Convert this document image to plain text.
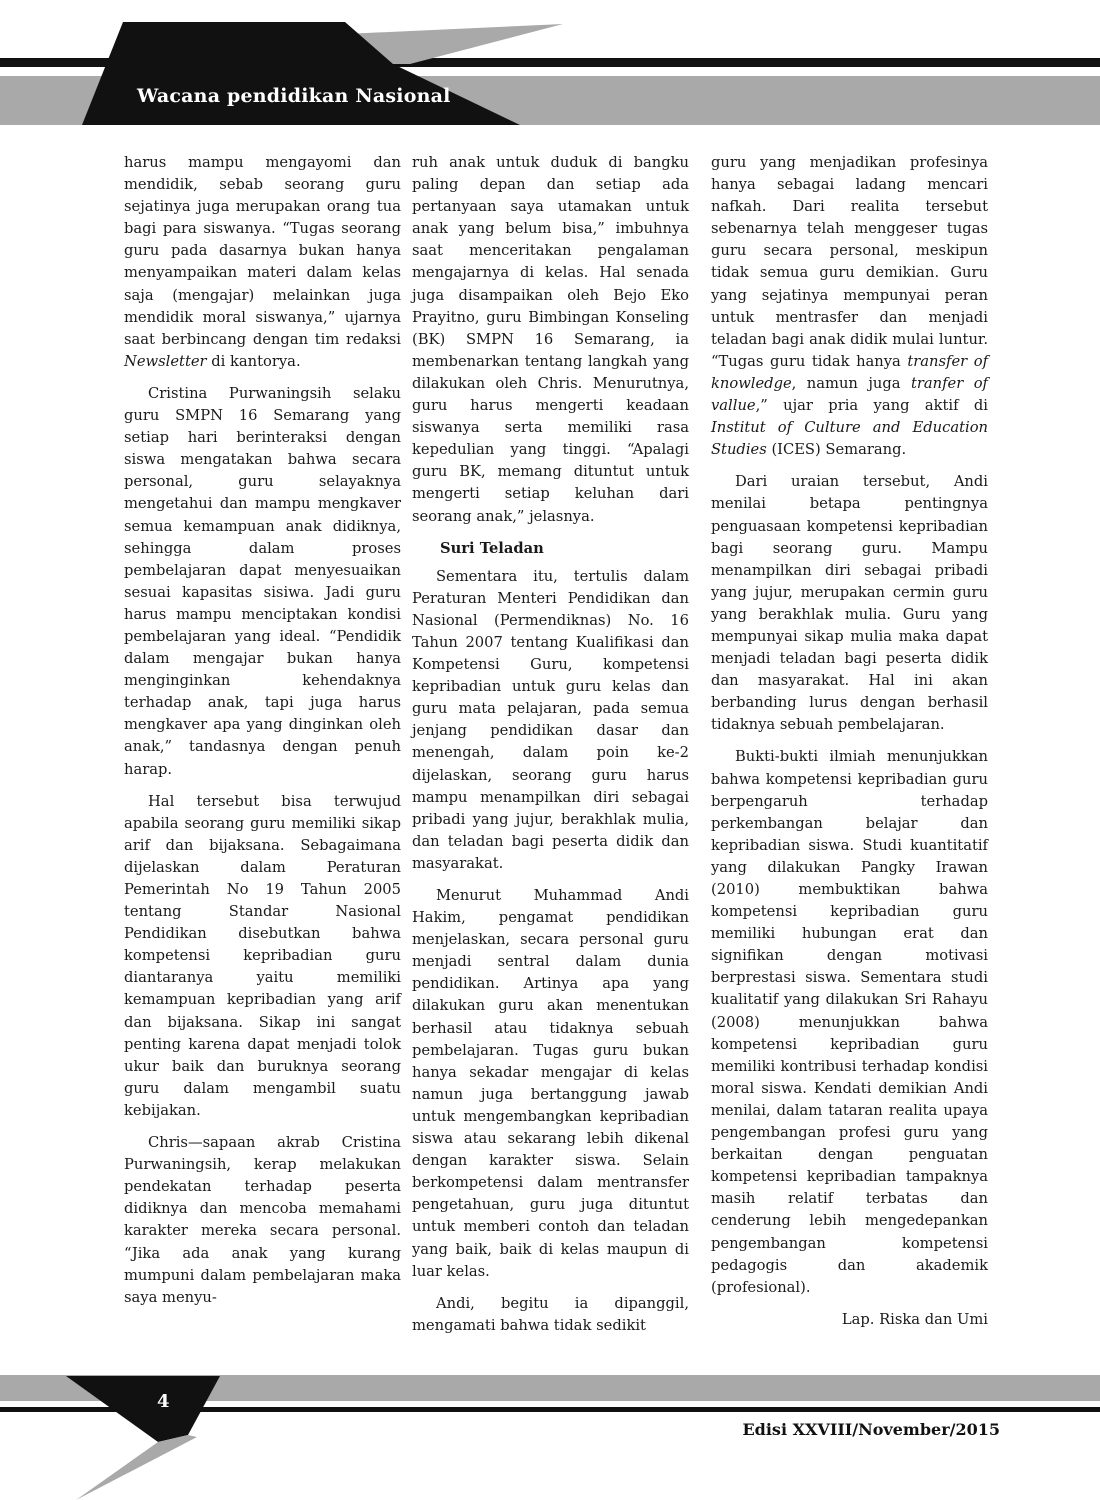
Wacana pendidikan Nasional

harus mampu mengayomi dan mendidik, sebab seorang guru sejatinya juga merupakan orang tua bagi para siswanya. “Tugas seorang guru pada dasarnya bukan hanya menyampaikan materi dalam kelas saja (mengajar) melainkan juga mendidik moral siswanya,” ujarnya saat berbincang dengan tim redaksi Newsletter di kantorya.

Cristina Purwaningsih selaku guru SMPN 16 Semarang yang setiap hari berinteraksi dengan siswa mengatakan bahwa secara personal, guru selayaknya mengetahui dan mampu mengkaver semua kemampuan anak didiknya, sehingga dalam proses pembelajaran dapat menyesuaikan sesuai kapasitas sisiwa. Jadi guru harus mampu menciptakan kondisi pembelajaran yang ideal. “Pendidik dalam mengajar bukan hanya menginginkan kehendaknya terhadap anak, tapi juga harus mengkaver apa yang dinginkan oleh anak,” tandasnya dengan penuh harap.

Hal tersebut bisa terwujud apabila seorang guru memiliki sikap arif dan bijaksana. Sebagaimana dijelaskan dalam Peraturan Pemerintah No 19 Tahun 2005 tentang Standar Nasional Pendidikan disebutkan bahwa kompetensi kepribadian guru diantaranya yaitu memiliki kemampuan kepribadian yang arif dan bijaksana. Sikap ini sangat penting karena dapat menjadi tolok ukur baik dan buruknya seorang guru dalam mengambil suatu kebijakan.

Chris—sapaan akrab Cristina Purwaningsih, kerap melakukan pendekatan terhadap peserta didiknya dan mencoba memahami karakter mereka secara personal. “Jika ada anak yang kurang mumpuni dalam pembelajaran maka saya menyu-

ruh anak untuk duduk di bangku paling depan dan setiap ada pertanyaan saya utamakan untuk anak yang belum bisa,” imbuhnya saat menceritakan pengalaman mengajarnya di kelas. Hal senada juga disampaikan oleh Bejo Eko Prayitno, guru Bimbingan Konseling (BK) SMPN 16 Semarang, ia membenarkan tentang langkah yang dilakukan oleh Chris. Menurutnya, guru harus mengerti keadaan siswanya serta memiliki rasa kepedulian yang tinggi. “Apalagi guru BK, memang dituntut untuk mengerti setiap keluhan dari seorang anak,” jelasnya.

Suri Teladan

Sementara itu, tertulis dalam Peraturan Menteri Pendidikan dan Nasional (Permendiknas) No. 16 Tahun 2007 tentang Kualifikasi dan Kompetensi Guru, kompetensi kepribadian untuk guru kelas dan guru mata pelajaran, pada semua jenjang pendidikan dasar dan menengah, dalam poin ke-2 dijelaskan, seorang guru harus mampu menampilkan diri sebagai pribadi yang jujur, berakhlak mulia, dan teladan bagi peserta didik dan masyarakat.

Menurut Muhammad Andi Hakim, pengamat pendidikan menjelaskan, secara personal guru menjadi sentral dalam dunia pendidikan. Artinya apa yang dilakukan guru akan menentukan berhasil atau tidaknya sebuah pembelajaran. Tugas guru bukan hanya sekadar mengajar di kelas namun juga bertanggung jawab untuk mengembangkan kepribadian siswa atau sekarang lebih dikenal dengan karakter siswa. Selain berkompetensi dalam mentransfer pengetahuan, guru juga dituntut untuk memberi contoh dan teladan yang baik, baik di kelas maupun di luar kelas.

Andi, begitu ia dipanggil, mengamati bahwa tidak sedikit

guru yang menjadikan profesinya hanya sebagai ladang mencari nafkah. Dari realita tersebut sebenarnya telah menggeser tugas guru secara personal, meskipun tidak semua guru demikian. Guru yang sejatinya mempunyai peran untuk mentrasfer dan menjadi teladan bagi anak didik mulai luntur. “Tugas guru tidak hanya transfer of knowledge, namun juga tranfer of vallue,” ujar pria yang aktif di Institut of Culture and Education Studies (ICES) Semarang.

Dari uraian tersebut, Andi menilai betapa pentingnya penguasaan kompetensi kepribadian bagi seorang guru. Mampu menampilkan diri sebagai pribadi yang jujur, merupakan cermin guru yang berakhlak mulia. Guru yang mempunyai sikap mulia maka dapat menjadi teladan bagi peserta didik dan masyarakat. Hal ini akan berbanding lurus dengan berhasil tidaknya sebuah pembelajaran.

Bukti-bukti ilmiah menunjukkan bahwa kompetensi kepribadian guru berpengaruh terhadap perkembangan belajar dan kepribadian siswa. Studi kuantitatif yang dilakukan Pangky Irawan (2010) membuktikan bahwa kompetensi kepribadian guru memiliki hubungan erat dan signifikan dengan motivasi berprestasi siswa. Sementara studi kualitatif yang dilakukan Sri Rahayu (2008) menunjukkan bahwa kompetensi kepribadian guru memiliki kontribusi terhadap kondisi moral siswa. Kendati demikian Andi menilai, dalam tataran realita upaya pengembangan profesi guru yang berkaitan dengan penguatan kompetensi kepribadian tampaknya masih relatif terbatas dan cenderung lebih mengedepankan pengembangan kompetensi pedagogis dan akademik (profesional).

Lap. Riska dan Umi

4
Edisi XXVIII/November/2015
